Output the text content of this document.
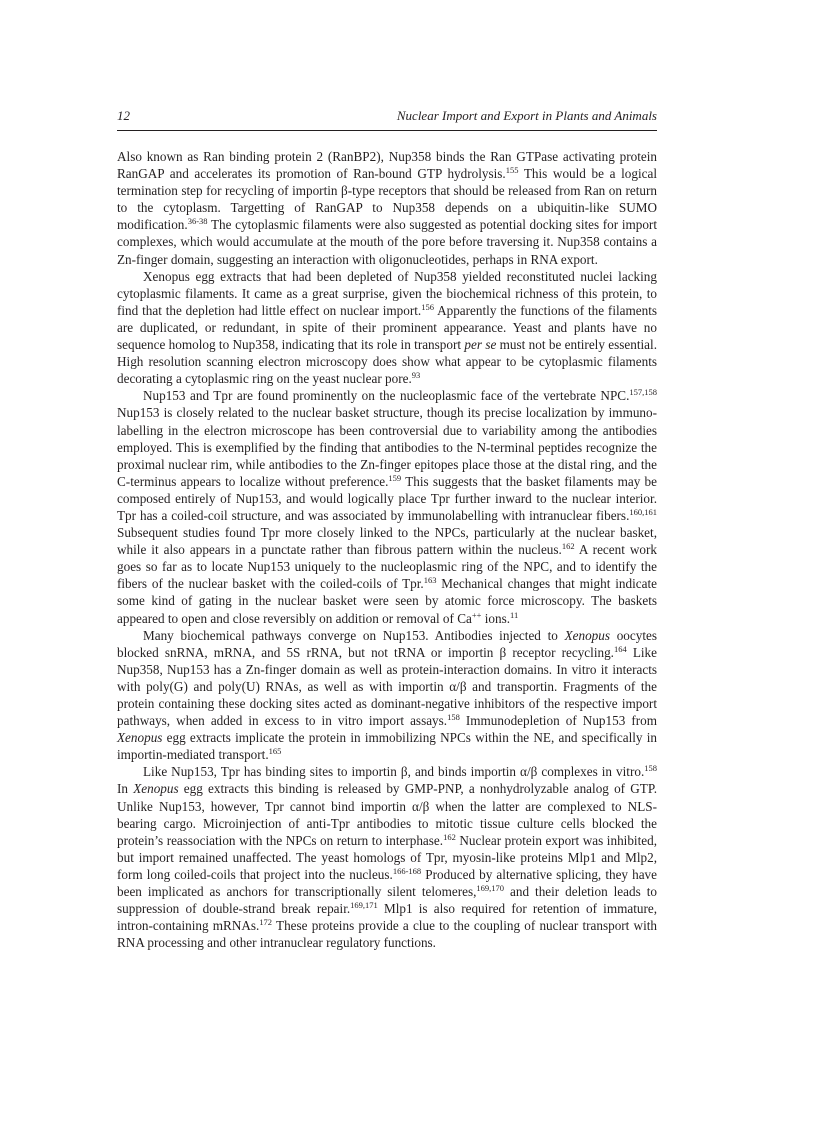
12	Nuclear Import and Export in Plants and Animals

Also known as Ran binding protein 2 (RanBP2), Nup358 binds the Ran GTPase activating protein RanGAP and accelerates its promotion of Ran-bound GTP hydrolysis.$^{155}$ This would be a logical termination step for recycling of importin β-type receptors that should be released from Ran on return to the cytoplasm. Targetting of RanGAP to Nup358 depends on a ubiquitin-like SUMO modification.$^{36-38}$ The cytoplasmic filaments were also suggested as potential docking sites for import complexes, which would accumulate at the mouth of the pore before traversing it. Nup358 contains a Zn-finger domain, suggesting an interaction with oligonucleotides, perhaps in RNA export.

Xenopus egg extracts that had been depleted of Nup358 yielded reconstituted nuclei lacking cytoplasmic filaments. It came as a great surprise, given the biochemical richness of this protein, to find that the depletion had little effect on nuclear import.$^{156}$ Apparently the functions of the filaments are duplicated, or redundant, in spite of their prominent appearance. Yeast and plants have no sequence homolog to Nup358, indicating that its role in transport per se must not be entirely essential. High resolution scanning electron microscopy does show what appear to be cytoplasmic filaments decorating a cytoplasmic ring on the yeast nuclear pore.$^{93}$

Nup153 and Tpr are found prominently on the nucleoplasmic face of the vertebrate NPC.$^{157,158}$ Nup153 is closely related to the nuclear basket structure, though its precise localization by immuno-labelling in the electron microscope has been controversial due to variability among the antibodies employed. This is exemplified by the finding that antibodies to the N-terminal peptides recognize the proximal nuclear rim, while antibodies to the Zn-finger epitopes place those at the distal ring, and the C-terminus appears to localize without preference.$^{159}$ This suggests that the basket filaments may be composed entirely of Nup153, and would logically place Tpr further inward to the nuclear interior. Tpr has a coiled-coil structure, and was associated by immunolabelling with intranuclear fibers.$^{160,161}$ Subsequent studies found Tpr more closely linked to the NPCs, particularly at the nuclear basket, while it also appears in a punctate rather than fibrous pattern within the nucleus.$^{162}$ A recent work goes so far as to locate Nup153 uniquely to the nucleoplasmic ring of the NPC, and to identify the fibers of the nuclear basket with the coiled-coils of Tpr.$^{163}$ Mechanical changes that might indicate some kind of gating in the nuclear basket were seen by atomic force microscopy. The baskets appeared to open and close reversibly on addition or removal of Ca++ ions.$^{11}$

Many biochemical pathways converge on Nup153. Antibodies injected to Xenopus oocytes blocked snRNA, mRNA, and 5S rRNA, but not tRNA or importin β receptor recycling.$^{164}$ Like Nup358, Nup153 has a Zn-finger domain as well as protein-interaction domains. In vitro it interacts with poly(G) and poly(U) RNAs, as well as with importin α/β and transportin. Fragments of the protein containing these docking sites acted as dominant-negative inhibitors of the respective import pathways, when added in excess to in vitro import assays.$^{158}$ Immunodepletion of Nup153 from Xenopus egg extracts implicate the protein in immobilizing NPCs within the NE, and specifically in importin-mediated transport.$^{165}$

Like Nup153, Tpr has binding sites to importin β, and binds importin α/β complexes in vitro.$^{158}$ In Xenopus egg extracts this binding is released by GMP-PNP, a nonhydrolyzable analog of GTP. Unlike Nup153, however, Tpr cannot bind importin α/β when the latter are complexed to NLS-bearing cargo. Microinjection of anti-Tpr antibodies to mitotic tissue culture cells blocked the protein’s reassociation with the NPCs on return to interphase.$^{162}$ Nuclear protein export was inhibited, but import remained unaffected. The yeast homologs of Tpr, myosin-like proteins Mlp1 and Mlp2, form long coiled-coils that project into the nucleus.$^{166-168}$ Produced by alternative splicing, they have been implicated as anchors for transcriptionally silent telomeres,$^{169,170}$ and their deletion leads to suppression of double-strand break repair.$^{169,171}$ Mlp1 is also required for retention of immature, intron-containing mRNAs.$^{172}$ These proteins provide a clue to the coupling of nuclear transport with RNA processing and other intranuclear regulatory functions.
